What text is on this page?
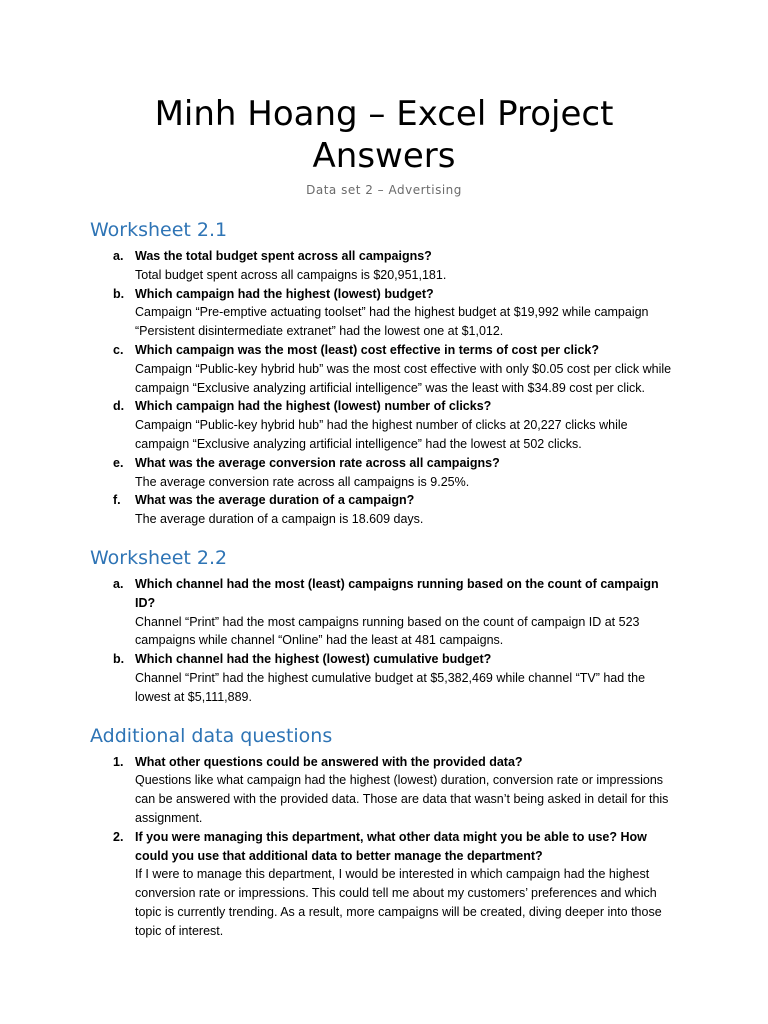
Minh Hoang – Excel Project
Answers
Data set 2 – Advertising
Worksheet 2.1
a. Was the total budget spent across all campaigns?
Total budget spent across all campaigns is $20,951,181.
b. Which campaign had the highest (lowest) budget?
Campaign “Pre-emptive actuating toolset” had the highest budget at $19,992 while campaign “Persistent disintermediate extranet” had the lowest one at $1,012.
c. Which campaign was the most (least) cost effective in terms of cost per click?
Campaign “Public-key hybrid hub” was the most cost effective with only $0.05 cost per click while campaign “Exclusive analyzing artificial intelligence” was the least with $34.89 cost per click.
d. Which campaign had the highest (lowest) number of clicks?
Campaign “Public-key hybrid hub” had the highest number of clicks at 20,227 clicks while campaign “Exclusive analyzing artificial intelligence” had the lowest at 502 clicks.
e. What was the average conversion rate across all campaigns?
The average conversion rate across all campaigns is 9.25%.
f. What was the average duration of a campaign?
The average duration of a campaign is 18.609 days.
Worksheet 2.2
a. Which channel had the most (least) campaigns running based on the count of campaign ID?
Channel “Print” had the most campaigns running based on the count of campaign ID at 523 campaigns while channel “Online” had the least at 481 campaigns.
b. Which channel had the highest (lowest) cumulative budget?
Channel “Print” had the highest cumulative budget at $5,382,469 while channel “TV” had the lowest at $5,111,889.
Additional data questions
1. What other questions could be answered with the provided data?
Questions like what campaign had the highest (lowest) duration, conversion rate or impressions can be answered with the provided data. Those are data that wasn’t being asked in detail for this assignment.
2. If you were managing this department, what other data might you be able to use? How could you use that additional data to better manage the department?
If I were to manage this department, I would be interested in which campaign had the highest conversion rate or impressions. This could tell me about my customers’ preferences and which topic is currently trending. As a result, more campaigns will be created, diving deeper into those topic of interest.
